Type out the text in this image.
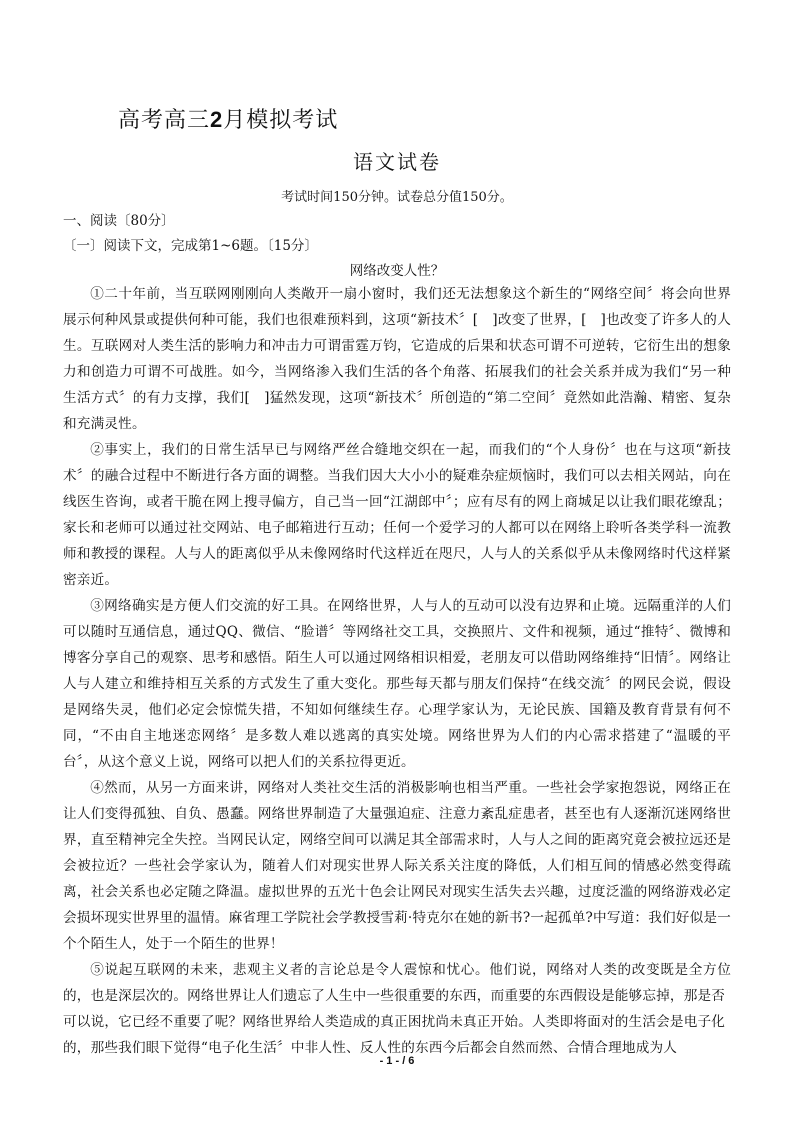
高考高三2月模拟考试
语文试卷
考试时间150分钟。试卷总分值150分。
一、阅读〔80分〕
〔一〕阅读下文，完成第1~6题。〔15分〕
网络改变人性？

①二十年前，当互联网刚刚向人类敞开一扇小窗时，我们还无法想象这个新生的“网络空间〞将会向世界展示何种风景或提供何种可能，我们也很难预料到，这项“新技术〞[　]改变了世界，[　]也改变了许多人的人生。互联网对人类生活的影响力和冲击力可谓雷霆万钧，它造成的后果和状态可谓不可逆转，它衍生出的想象力和创造力可谓不可战胜。如今，当网络渗入我们生活的各个角落、拓展我们的社会关系并成为我们“另一种生活方式〞的有力支撑，我们[　]猛然发现，这项“新技术〞所创造的“第二空间〞竟然如此浩瀚、精密、复杂和充满灵性。

②事实上，我们的日常生活早已与网络严丝合缝地交织在一起，而我们的“个人身份〞也在与这项“新技术〞的融合过程中不断进行各方面的调整。当我们因大大小小的疑难杂症烦恼时，我们可以去相关网站，向在线医生咨询，或者干脆在网上搜寻偏方，自己当一回“江湖郎中〞；应有尽有的网上商城足以让我们眼花缭乱；家长和老师可以通过社交网站、电子邮箱进行互动；任何一个爱学习的人都可以在网络上聆听各类学科一流教师和教授的课程。人与人的距离似乎从未像网络时代这样近在咫尺，人与人的关系似乎从未像网络时代这样紧密亲近。

③网络确实是方便人们交流的好工具。在网络世界，人与人的互动可以没有边界和止境。远隔重洋的人们可以随时互通信息，通过QQ、微信、“脸谱〞等网络社交工具，交换照片、文件和视频，通过“推特〞、微博和博客分享自己的观察、思考和感悟。陌生人可以通过网络相识相爱，老朋友可以借助网络维持“旧情〞。网络让人与人建立和维持相互关系的方式发生了重大变化。那些每天都与朋友们保持“在线交流〞的网民会说，假设是网络失灵，他们必定会惊慌失措，不知如何继续生存。心理学家认为，无论民族、国籍及教育背景有何不同，“不由自主地迷恋网络〞是多数人难以逃离的真实处境。网络世界为人们的内心需求搭建了“温暖的平台〞，从这个意义上说，网络可以把人们的关系拉得更近。

④然而，从另一方面来讲，网络对人类社交生活的消极影响也相当严重。一些社会学家抱怨说，网络正在让人们变得孤独、自负、愚蠢。网络世界制造了大量强迫症、注意力紊乱症患者，甚至也有人逐渐沉迷网络世界，直至精神完全失控。当网民认定，网络空间可以满足其全部需求时，人与人之间的距离究竟会被拉远还是会被拉近？一些社会学家认为，随着人们对现实世界人际关系关注度的降低，人们相互间的情感必然变得疏离，社会关系也必定随之降温。虚拟世界的五光十色会让网民对现实生活失去兴趣，过度泛滥的网络游戏必定会损坏现实世界里的温情。麻省理工学院社会学教授雪莉·特克尔在她的新书?一起孤单?中写道：我们好似是一个个陌生人，处于一个陌生的世界！

⑤说起互联网的未来，悲观主义者的言论总是令人震惊和忧心。他们说，网络对人类的改变既是全方位的，也是深层次的。网络世界让人们遗忘了人生中一些很重要的东西，而重要的东西假设是能够忘掉，那是否

可以说，它已经不重要了呢？网络世界给人类造成的真正困扰尚未真正开始。人类即将面对的生活会是电子化的，那些我们眼下觉得“电子化生活〞中非人性、反人性的东西今后都会自然而然、合情合理地成为人

- 1 - / 6
